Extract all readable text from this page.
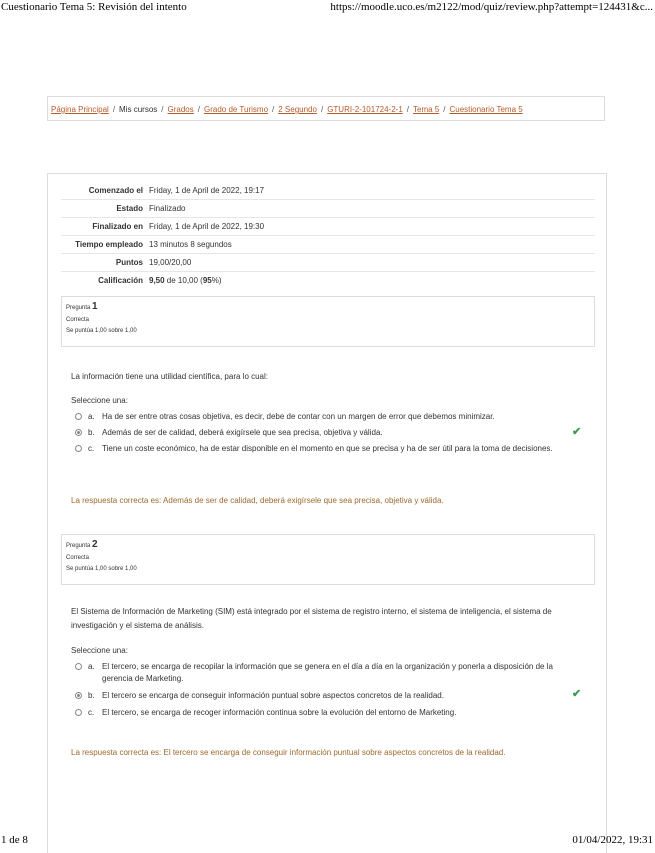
Cuestionario Tema 5: Revisión del intento	https://moodle.uco.es/m2122/mod/quiz/review.php?attempt=124431&c...
Página Principal / Mis cursos / Grados / Grado de Turismo / 2 Segundo / GTURI-2-101724-2-1 / Tema 5 / Cuestionario Tema 5
Comenzado el Friday, 1 de April de 2022, 19:17
Estado Finalizado
Finalizado en Friday, 1 de April de 2022, 19:30
Tiempo empleado 13 minutos 8 segundos
Puntos 19,00/20,00
Calificación 9,50 de 10,00 (95%)
Pregunta 1
Correcta
Se puntúa 1,00 sobre 1,00
La información tiene una utilidad científica, para lo cual:
Seleccione una:
a. Ha de ser entre otras cosas objetiva, es decir, debe de contar con un margen de error que debemos minimizar.
b. Además de ser de calidad, deberá exigírsele que sea precisa, objetiva y válida.	✔
c. Tiene un coste económico, ha de estar disponible en el momento en que se precisa y ha de ser útil para la toma de decisiones.
La respuesta correcta es: Además de ser de calidad, deberá exigírsele que sea precisa, objetiva y válida.
Pregunta 2
Correcta
Se puntúa 1,00 sobre 1,00
El Sistema de Información de Marketing (SIM) está integrado por el sistema de registro interno, el sistema de inteligencia, el sistema de investigación y el sistema de análisis.
Seleccione una:
a. El tercero, se encarga de recopilar la información que se genera en el día a día en la organización y ponerla a disposición de la gerencia de Marketing.
b. El tercero se encarga de conseguir información puntual sobre aspectos concretos de la realidad.	✔
c. El tercero, se encarga de recoger información continua sobre la evolución del entorno de Marketing.
La respuesta correcta es: El tercero se encarga de conseguir información puntual sobre aspectos concretos de la realidad.
1 de 8	01/04/2022, 19:31
